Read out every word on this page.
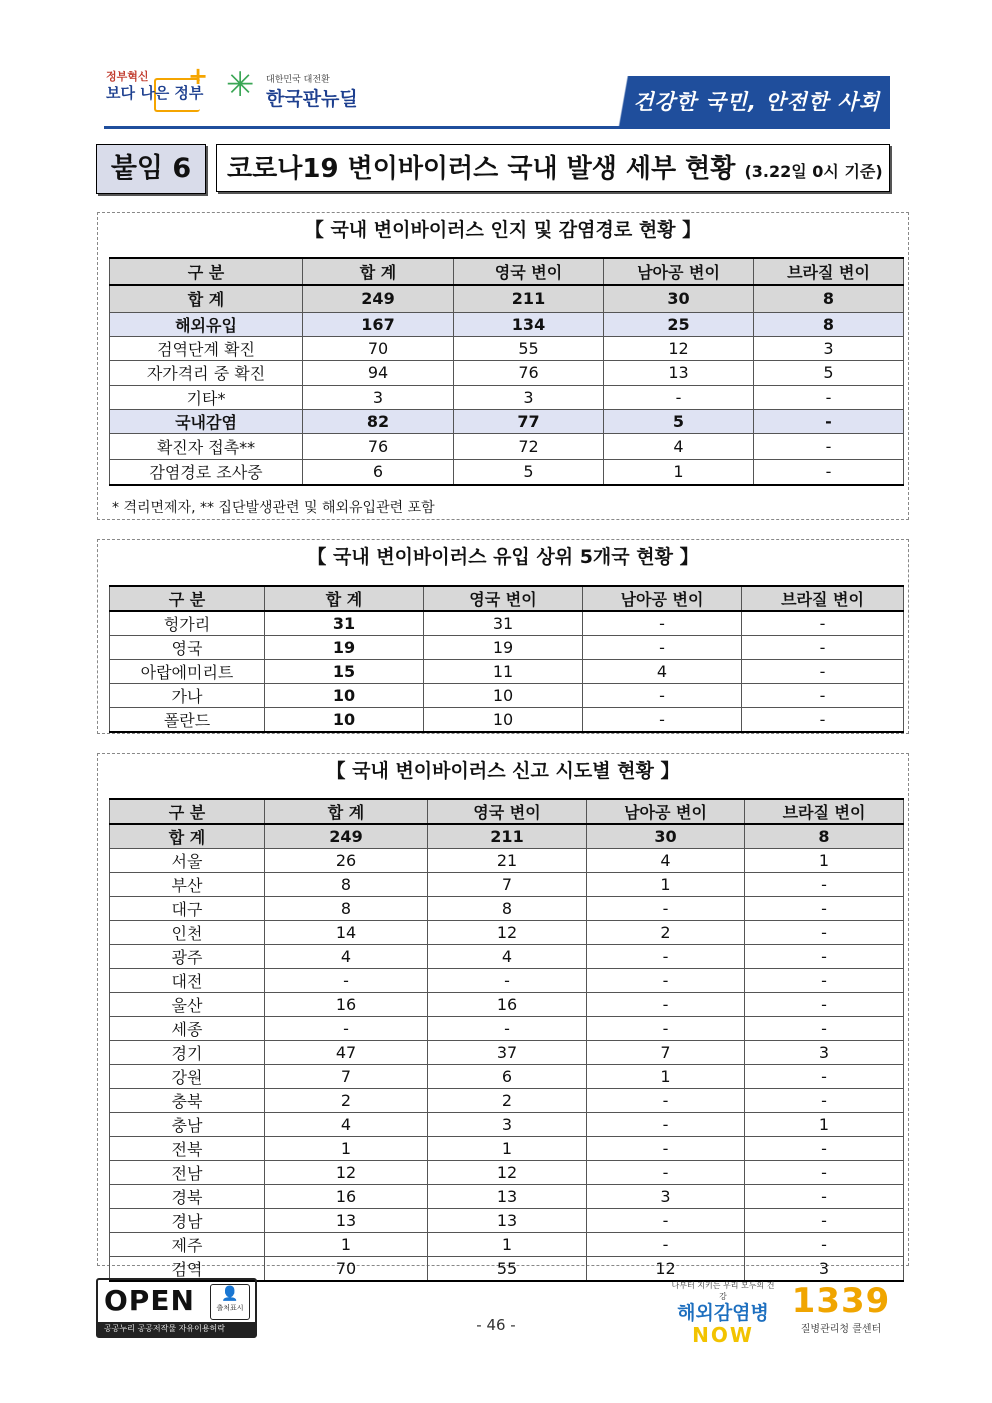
정부혁신
보다 나은 정부
+ ✳ 대한민국 대전환
한국판뉴딜	건강한 국민, 안전한 사회
붙임 6	코로나19 변이바이러스 국내 발생 세부 현황 (3.22일 0시 기준)
【 국내 변이바이러스 인지 및 감염경로 현황 】
구 분	합 계	영국 변이	남아공 변이	브라질 변이
합 계	249	211	30	8
해외유입	167	134	25	8
검역단계 확진	70	55	12	3
자가격리 중 확진	94	76	13	5
기타*	3	3	-	-
국내감염	82	77	5	-
확진자 접촉**	76	72	4	-
감염경로 조사중	6	5	1	-
* 격리면제자, ** 집단발생관련 및 해외유입관련 포함
【 국내 변이바이러스 유입 상위 5개국 현황 】
구 분	합 계	영국 변이	남아공 변이	브라질 변이
헝가리	31	31	-	-
영국	19	19	-	-
아랍에미리트	15	11	4	-
가나	10	10	-	-
폴란드	10	10	-	-
【 국내 변이바이러스 신고 시도별 현황 】
구 분	합 계	영국 변이	남아공 변이	브라질 변이
합 계	249	211	30	8
서울	26	21	4	1
부산	8	7	1	-
대구	8	8	-	-
인천	14	12	2	-
광주	4	4	-	-
대전	-	-	-	-
울산	16	16	-	-
세종	-	-	-	-
경기	47	37	7	3
강원	7	6	1	-
충북	2	2	-	-
충남	4	3	-	1
전북	1	1	-	-
전남	12	12	-	-
경북	16	13	3	-
경남	13	13	-	-
제주	1	1	-	-
검역	70	55	12	3
OPEN	👤
출처표시
공공누리 공공저작물 자유이용허락	- 46 -
나부터 지키는 우리 모두의 건강
해외감염병
NOW
1339
질병관리청 콜센터
